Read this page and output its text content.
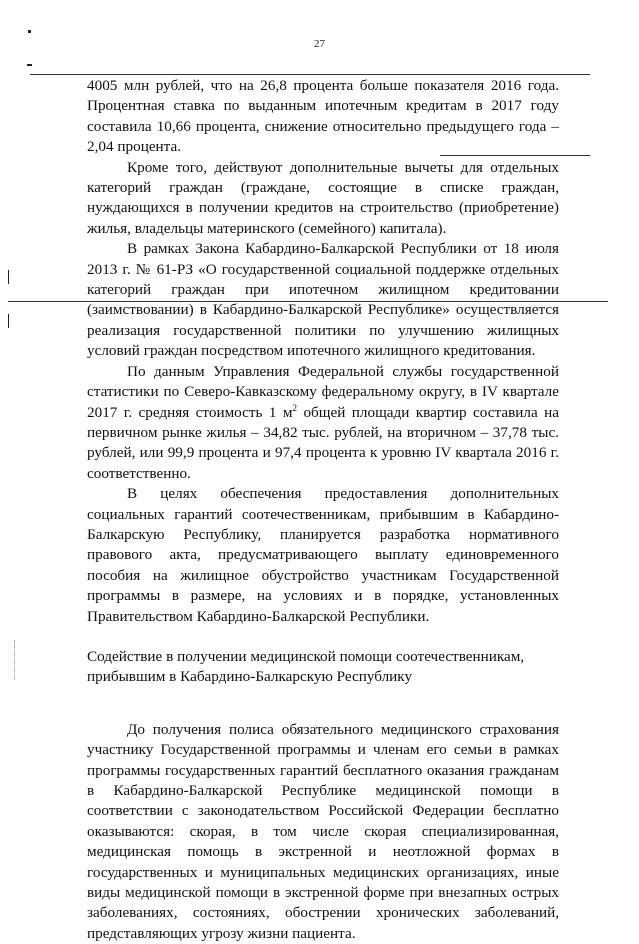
27

4005 млн рублей, что на 26,8 процента больше показателя 2016 года. Процентная ставка по выданным ипотечным кредитам в 2017 году составила 10,66 процента, снижение относительно предыдущего года – 2,04 процента.

Кроме того, действуют дополнительные вычеты для отдельных категорий граждан (граждане, состоящие в списке граждан, нуждающихся в получении кредитов на строительство (приобретение) жилья, владельцы материнского (семейного) капитала).

В рамках Закона Кабардино-Балкарской Республики от 18 июля 2013 г. № 61-РЗ «О государственной социальной поддержке отдельных категорий граждан при ипотечном жилищном кредитовании (заимствовании) в Кабардино-Балкарской Республике» осуществляется реализация государственной политики по улучшению жилищных условий граждан посредством ипотечного жилищного кредитования.

По данным Управления Федеральной службы государственной статистики по Северо-Кавказскому федеральному округу, в IV квартале 2017 г. средняя стоимость 1 $м^2$ общей площади квартир составила на первичном рынке жилья – 34,82 тыс. рублей, на вторичном – 37,78 тыс. рублей, или 99,9 процента и 97,4 процента к уровню IV квартала 2016 г. соответственно.

В целях обеспечения предоставления дополнительных социальных гарантий соотечественникам, прибывшим в Кабардино-Балкарскую Республику, планируется разработка нормативного правового акта, предусматривающего выплату единовременного пособия на жилищное обустройство участникам Государственной программы в размере, на условиях и в порядке, установленных Правительством Кабардино-Балкарской Республики.

Содействие в получении медицинской помощи соотечественникам,

прибывшим в Кабардино-Балкарскую Республику

До получения полиса обязательного медицинского страхования участнику Государственной программы и членам его семьи в рамках программы государственных гарантий бесплатного оказания гражданам в Кабардино-Балкарской Республике медицинской помощи в соответствии с законодательством Российской Федерации бесплатно оказываются: скорая, в том числе скорая специализированная, медицинская помощь в экстренной и неотложной формах в государственных и муниципальных медицинских организациях, иные виды медицинской помощи в экстренной форме при внезапных острых заболеваниях, состояниях, обострении хронических заболеваний, представляющих угрозу жизни пациента.
